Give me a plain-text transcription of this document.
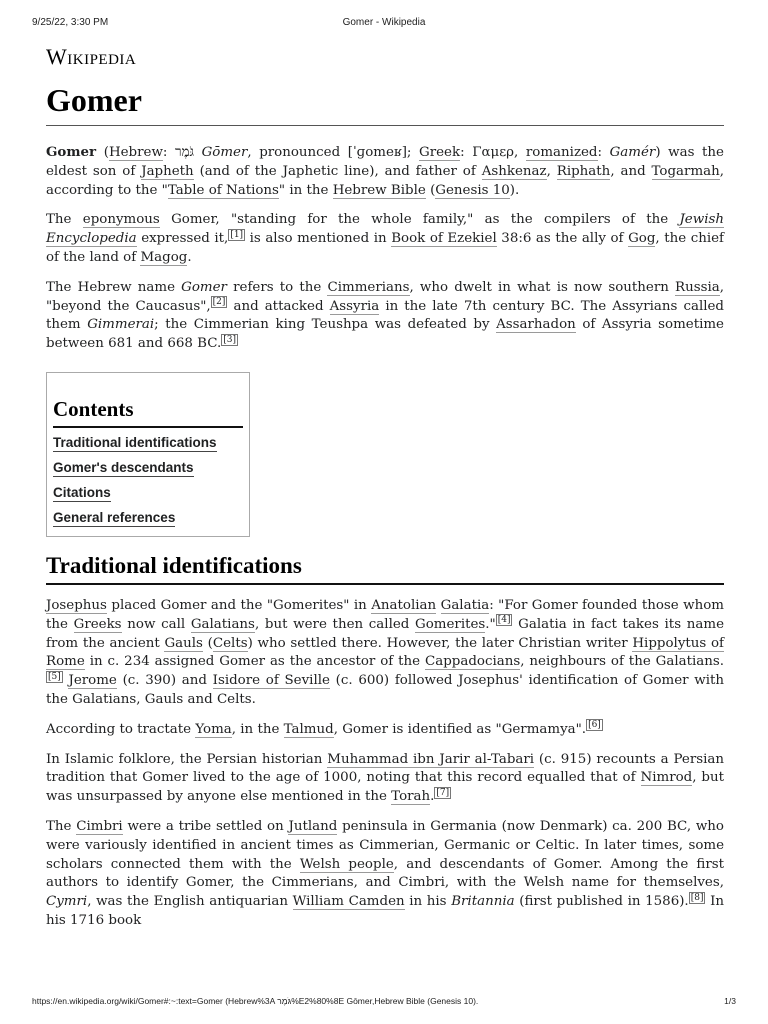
9/25/22, 3:30 PM	Gomer - Wikipedia
Wikipedia
Gomer

Gomer (Hebrew: גֹּמֶר Gōmer, pronounced [ˈɡomeʁ]; Greek: Γαμερ, romanized: Gamér) was the eldest son of Japheth (and of the Japhetic line), and father of Ashkenaz, Riphath, and Togarmah, according to the "Table of Nations" in the Hebrew Bible (Genesis 10).

The eponymous Gomer, "standing for the whole family," as the compilers of the Jewish Encyclopedia expressed it, [1] is also mentioned in Book of Ezekiel 38:6 as the ally of Gog, the chief of the land of Magog.

The Hebrew name Gomer refers to the Cimmerians, who dwelt in what is now southern Russia, "beyond the Caucasus", [2] and attacked Assyria in the late 7th century BC. The Assyrians called them Gimmerai; the Cimmerian king Teushpa was defeated by Assarhadon of Assyria sometime between 681 and 668 BC. [3]

Contents
Traditional identifications
Gomer's descendants
Citations
General references
Traditional identifications

Josephus placed Gomer and the "Gomerites" in Anatolian Galatia: "For Gomer founded those whom the Greeks now call Galatians, but were then called Gomerites." [4] Galatia in fact takes its name from the ancient Gauls (Celts) who settled there. However, the later Christian writer Hippolytus of Rome in c. 234 assigned Gomer as the ancestor of the Cappadocians, neighbours of the Galatians.[5] Jerome (c. 390) and Isidore of Seville (c. 600) followed Josephus' identification of Gomer with the Galatians, Gauls and Celts.

According to tractate Yoma, in the Talmud, Gomer is identified as "Germamya". [6]

In Islamic folklore, the Persian historian Muhammad ibn Jarir al-Tabari (c. 915) recounts a Persian tradition that Gomer lived to the age of 1000, noting that this record equalled that of Nimrod, but was unsurpassed by anyone else mentioned in the Torah. [7]

The Cimbri were a tribe settled on Jutland peninsula in Germania (now Denmark) ca. 200 BC, who were variously identified in ancient times as Cimmerian, Germanic or Celtic. In later times, some scholars connected them with the Welsh people, and descendants of Gomer. Among the first authors to identify Gomer, the Cimmerians, and Cimbri, with the Welsh name for themselves, Cymri, was the English antiquarian William Camden in his Britannia (first published in 1586). [8] In his 1716 book

https://en.wikipedia.org/wiki/Gomer#:~:text=Gomer (Hebrew%3A גֹּמֶר%E2%80%8E Gōmer,Hebrew Bible (Genesis 10).	1/3
